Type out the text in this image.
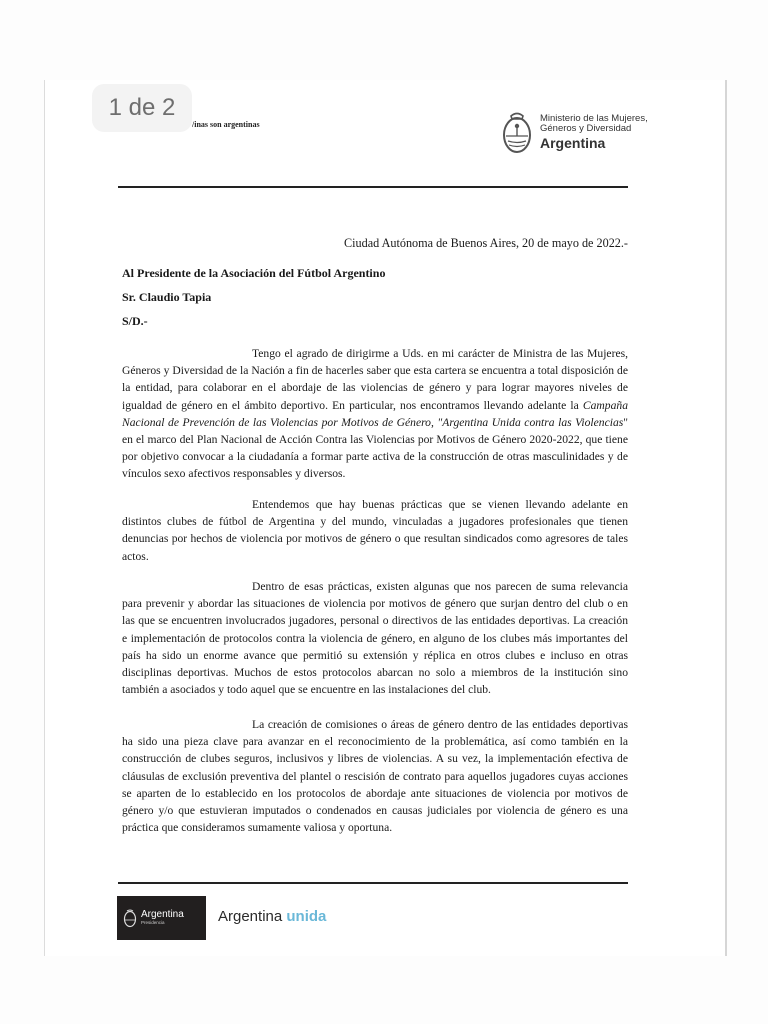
1 de 2
/inas son argentinas
Ministerio de las Mujeres,
Géneros y Diversidad
Argentina
Ciudad Autónoma de Buenos Aires, 20 de mayo de 2022.-
Al Presidente de la Asociación del Fútbol Argentino
Sr. Claudio Tapia
S/D.-

Tengo el agrado de dirigirme a Uds. en mi carácter de Ministra de las Mujeres, Géneros y Diversidad de la Nación a fin de hacerles saber que esta cartera se encuentra a total disposición de la entidad, para colaborar en el abordaje de las violencias de género y para lograr mayores niveles de igualdad de género en el ámbito deportivo. En particular, nos encontramos llevando adelante la Campaña Nacional de Prevención de las Violencias por Motivos de Género, "Argentina Unida contra las Violencias" en el marco del Plan Nacional de Acción Contra las Violencias por Motivos de Género 2020-2022, que tiene por objetivo convocar a la ciudadanía a formar parte activa de la construcción de otras masculinidades y de vínculos sexo afectivos responsables y diversos.

Entendemos que hay buenas prácticas que se vienen llevando adelante en distintos clubes de fútbol de Argentina y del mundo, vinculadas a jugadores profesionales que tienen denuncias por hechos de violencia por motivos de género o que resultan sindicados como agresores de tales actos.

Dentro de esas prácticas, existen algunas que nos parecen de suma relevancia para prevenir y abordar las situaciones de violencia por motivos de género que surjan dentro del club o en las que se encuentren involucrados jugadores, personal o directivos de las entidades deportivas. La creación e implementación de protocolos contra la violencia de género, en alguno de los clubes más importantes del país ha sido un enorme avance que permitió su extensión y réplica en otros clubes e incluso en otras disciplinas deportivas. Muchos de estos protocolos abarcan no solo a miembros de la institución sino también a asociados y todo aquel que se encuentre en las instalaciones del club.

La creación de comisiones o áreas de género dentro de las entidades deportivas ha sido una pieza clave para avanzar en el reconocimiento de la problemática, así como también en la construcción de clubes seguros, inclusivos y libres de violencias. A su vez, la implementación efectiva de cláusulas de exclusión preventiva del plantel o rescisión de contrato para aquellos jugadores cuyas acciones se aparten de lo establecido en los protocolos de abordaje ante situaciones de violencia por motivos de género y/o que estuvieran imputados o condenados en causas judiciales por violencia de género es una práctica que consideramos sumamente valiosa y oportuna.

Argentina
Presidencia	Argentina unida
